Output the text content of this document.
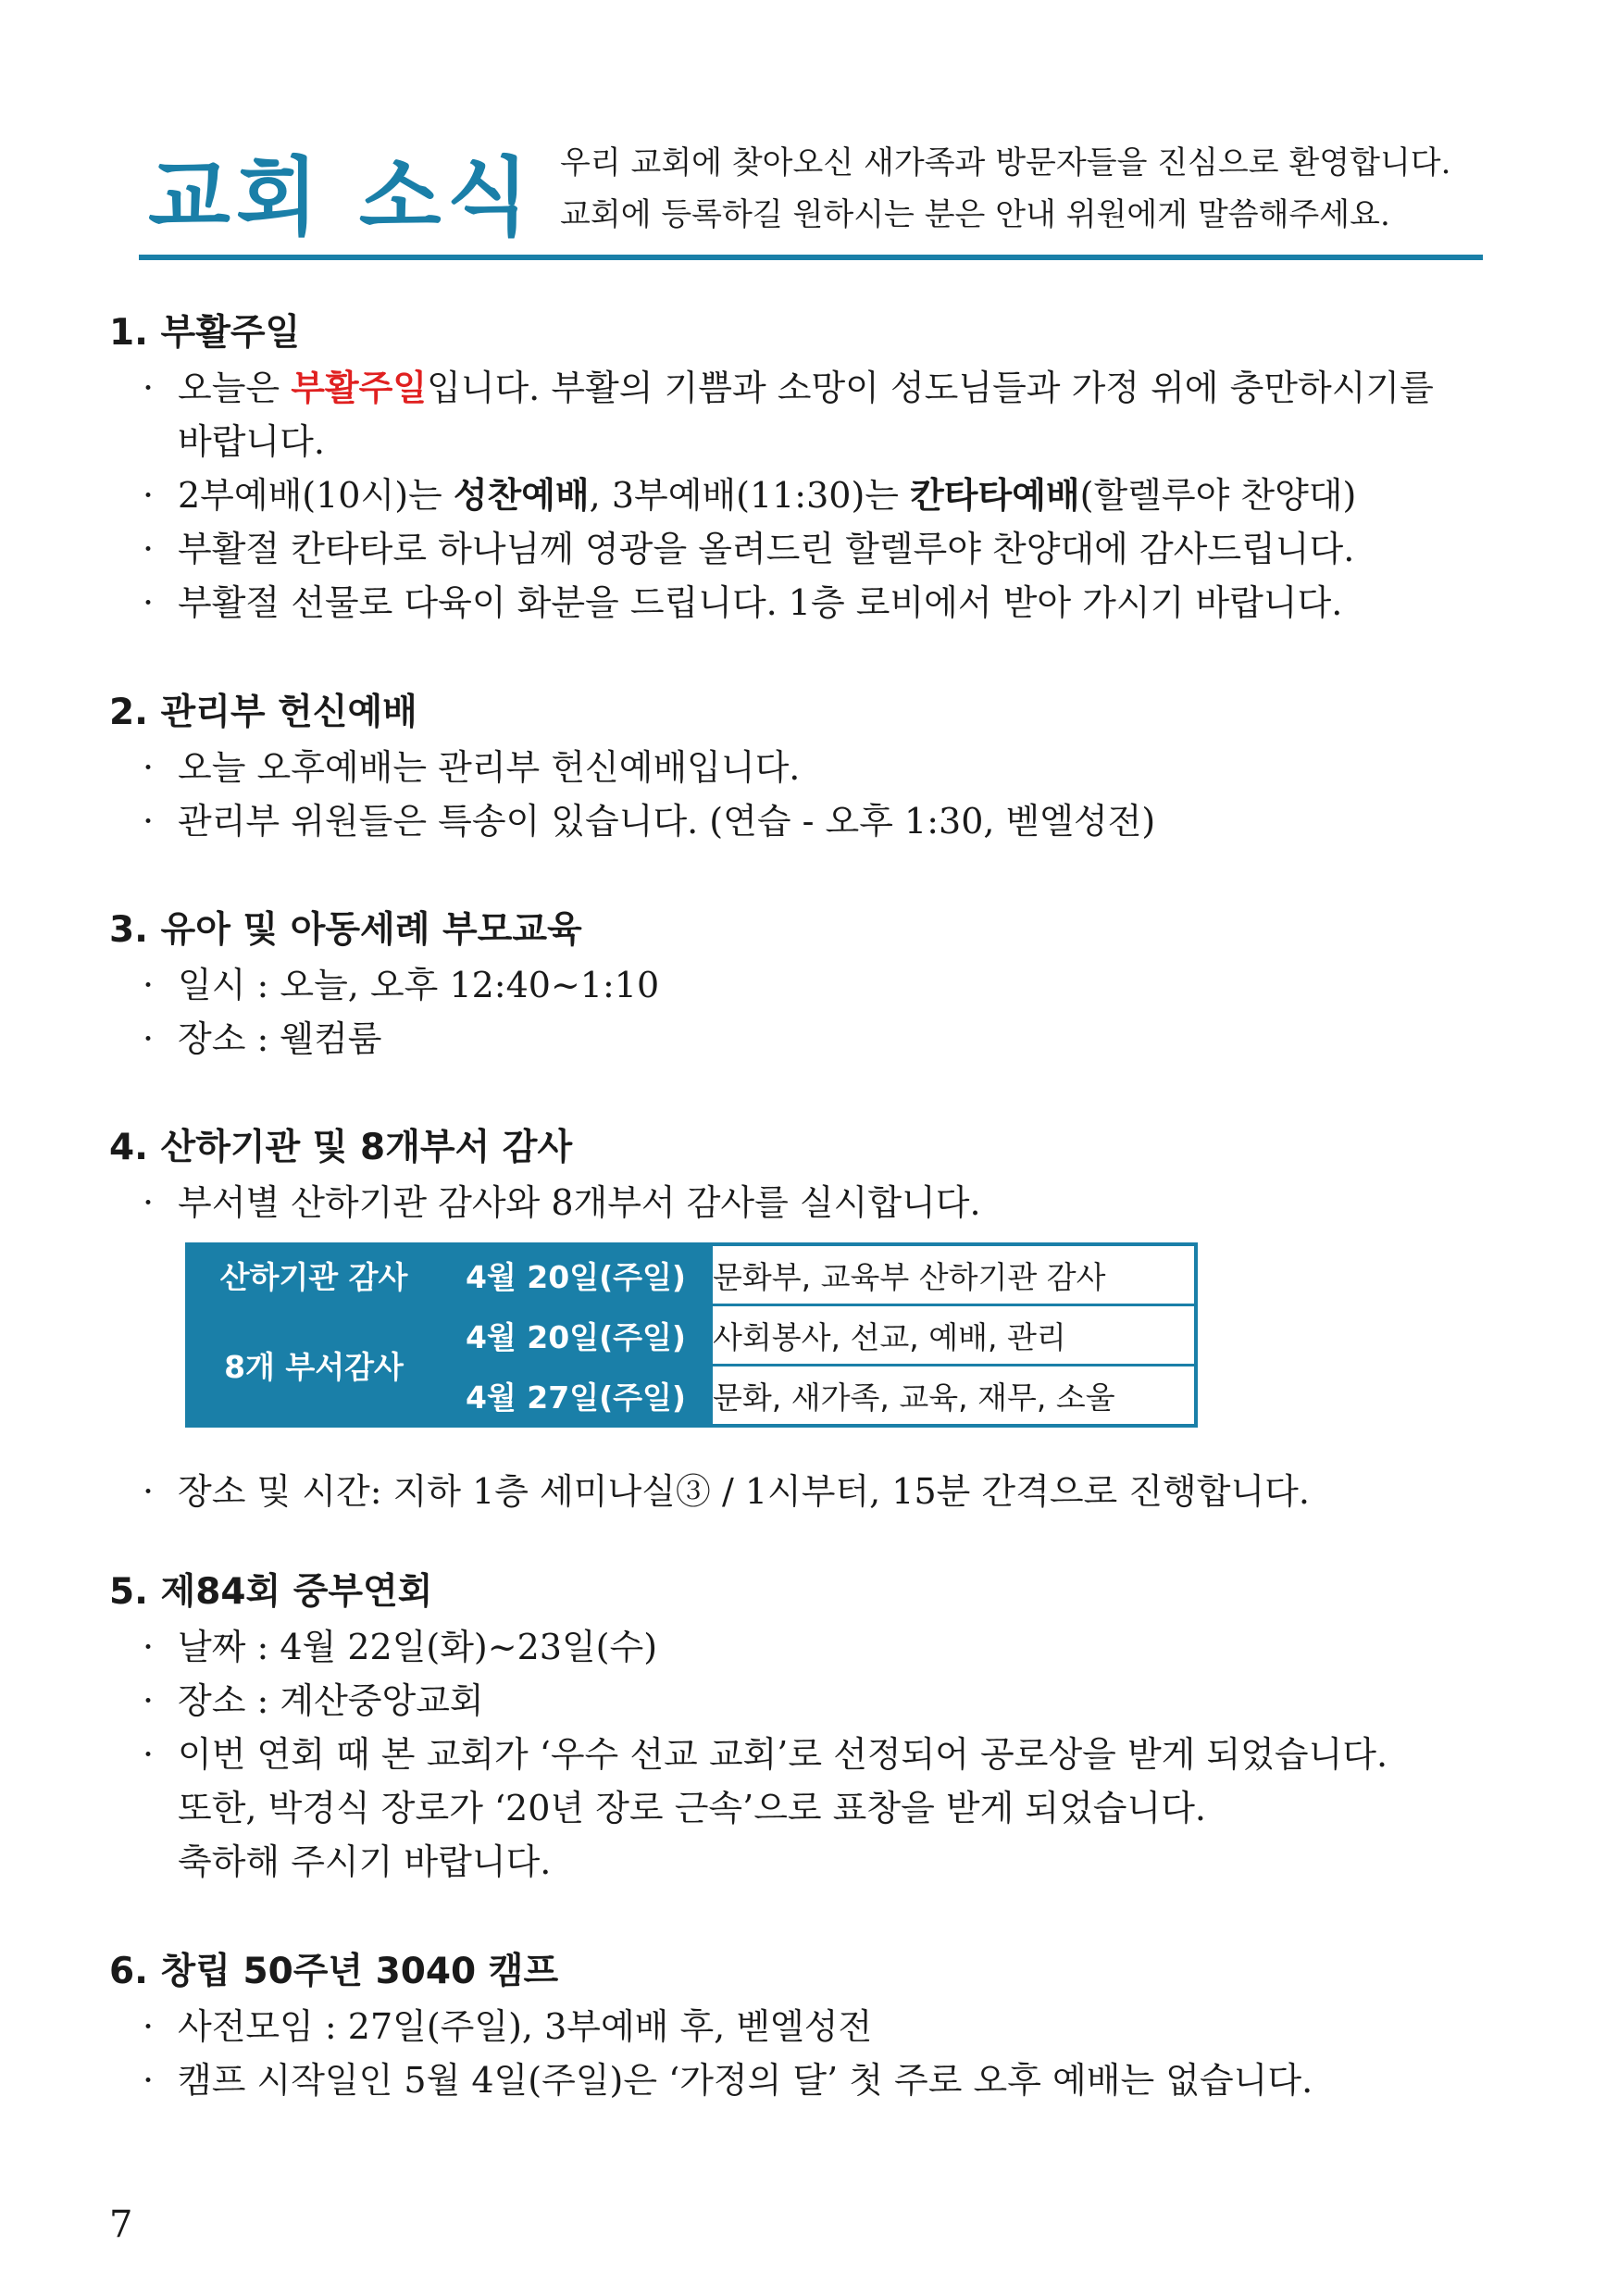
교회 소식 우리 교회에 찾아오신 새가족과 방문자들을 진심으로 환영합니다.
교회에 등록하길 원하시는 분은 안내 위원에게 말씀해주세요.
1. 부활주일
· 오늘은 부활주일입니다. 부활의 기쁨과 소망이 성도님들과 가정 위에 충만하시기를
바랍니다.
· 2부예배(10시)는 성찬예배, 3부예배(11:30)는 칸타타예배(할렐루야 찬양대)
· 부활절 칸타타로 하나님께 영광을 올려드린 할렐루야 찬양대에 감사드립니다.
· 부활절 선물로 다육이 화분을 드립니다. 1층 로비에서 받아 가시기 바랍니다.
2. 관리부 헌신예배
· 오늘 오후예배는 관리부 헌신예배입니다.
· 관리부 위원들은 특송이 있습니다. (연습 - 오후 1:30, 벧엘성전)
3. 유아 및 아동세례 부모교육
· 일시 : 오늘, 오후 12:40~1:10
· 장소 : 웰컴룸
4. 산하기관 및 8개부서 감사
· 부서별 산하기관 감사와 8개부서 감사를 실시합니다.
산하기관 감사	4월 20일(주일)	문화부, 교육부 산하기관 감사
8개 부서감사	4월 20일(주일)	사회봉사, 선교, 예배, 관리
	4월 27일(주일)	문화, 새가족, 교육, 재무, 소울
· 장소 및 시간: 지하 1층 세미나실③ / 1시부터, 15분 간격으로 진행합니다.
5. 제84회 중부연회
· 날짜 : 4월 22일(화)~23일(수)
· 장소 : 계산중앙교회
· 이번 연회 때 본 교회가 ‘우수 선교 교회’로 선정되어 공로상을 받게 되었습니다.
또한, 박경식 장로가 ‘20년 장로 근속’으로 표창을 받게 되었습니다.
축하해 주시기 바랍니다.
6. 창립 50주년 3040 캠프
· 사전모임 : 27일(주일), 3부예배 후, 벧엘성전
· 캠프 시작일인 5월 4일(주일)은 ‘가정의 달’ 첫 주로 오후 예배는 없습니다.
7
